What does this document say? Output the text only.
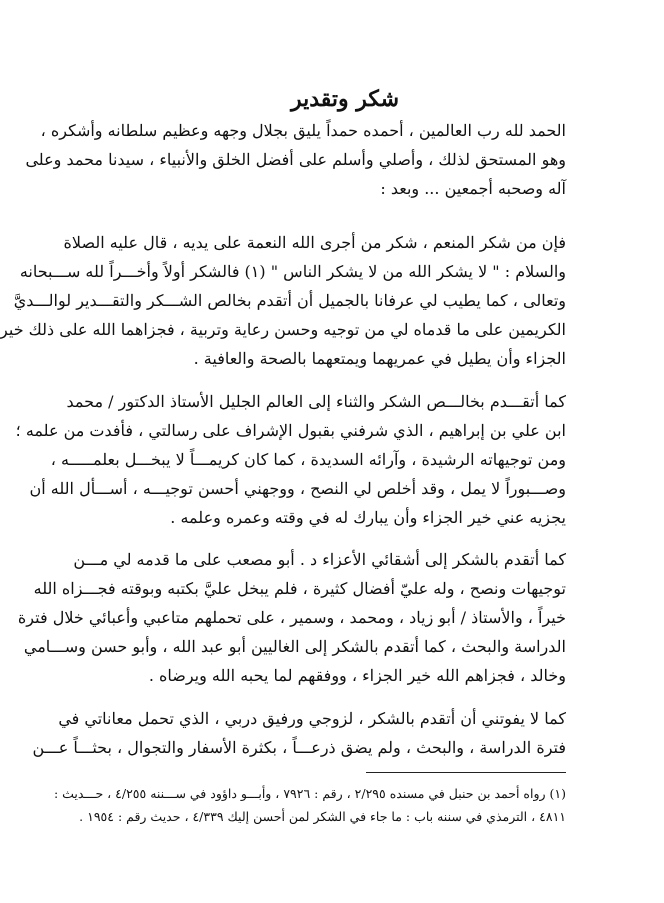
شكر وتقدير
الحمد لله رب العالمين ، أحمده حمداً يليق بجلال وجهه وعظيم سلطانه وأشكره ،
وهو المستحق لذلك ، وأصلي وأسلم على أفضل الخلق والأنبياء ، سيدنا محمد وعلى
آله وصحبه أجمعين ... وبعد :
فإن من شكر المنعم ، شكر من أجرى الله النعمة على يديه ، قال عليه الصلاة
والسلام : " لا يشكر الله من لا يشكر الناس " (١) فالشكر أولاً وأخـــراً لله ســـبحانه
وتعالى ، كما يطيب لي عرفانا بالجميل أن أتقدم بخالص الشـــكر والتقـــدير لوالـــديَّ
الكريمين على ما قدماه لي من توجيه وحسن رعاية وتربية ، فجزاهما الله على ذلك خير
الجزاء وأن يطيل في عمريهما ويمتعهما بالصحة والعافية .
كما أتقـــدم بخالـــص الشكر والثناء إلى العالم الجليل الأستاذ الدكتور / محمد
ابن علي بن إبراهيم ، الذي شرفني بقبول الإشراف على رسالتي ، فأفدت من علمه ؛
ومن توجيهاته الرشيدة ، وآرائه السديدة ، كما كان كريمـــاً لا يبخـــل بعلمـــــه ،
وصـــبوراً لا يمل ، وقد أخلص لي النصح ، ووجهني أحسن توجيـــه ، أســـأل الله أن
يجزيه عني خير الجزاء وأن يبارك له في وقته وعمره وعلمه .
كما أتقدم بالشكر إلى أشقائي الأعزاء د . أبو مصعب على ما قدمه لي مـــن
توجيهات ونصح ، وله عليّ أفضال كثيرة ، فلم يبخل عليَّ بكتبه وبوقته فجـــزاه الله
خيراً ، والأستاذ / أبو زياد ، ومحمد ، وسمير ، على تحملهم متاعبي وأعبائي خلال فترة
الدراسة والبحث ، كما أتقدم بالشكر إلى الغاليين أبو عبد الله ، وأبو حسن وســـامي
وخالد ، فجزاهم الله خير الجزاء ، ووفقهم لما يحبه الله ويرضاه .
كما لا يفوتني أن أتقدم بالشكر ، لزوجي ورفيق دربي ، الذي تحمل معاناتي في
فترة الدراسة ، والبحث ، ولم يضق ذرعـــاً ، بكثرة الأسفار والتجوال ، بحثـــاً عـــن
(١) رواه أحمد بن حنبل في مسنده ٢/٢٩٥ ، رقم : ٧٩٢٦ ، وأبـــو داؤود في ســـننه ٤/٢٥٥ ، حـــديث :
٤٨١١ ، الترمذي في سننه باب : ما جاء في الشكر لمن أحسن إليك ٤/٣٣٩ ، حديث رقم : ١٩٥٤ .
